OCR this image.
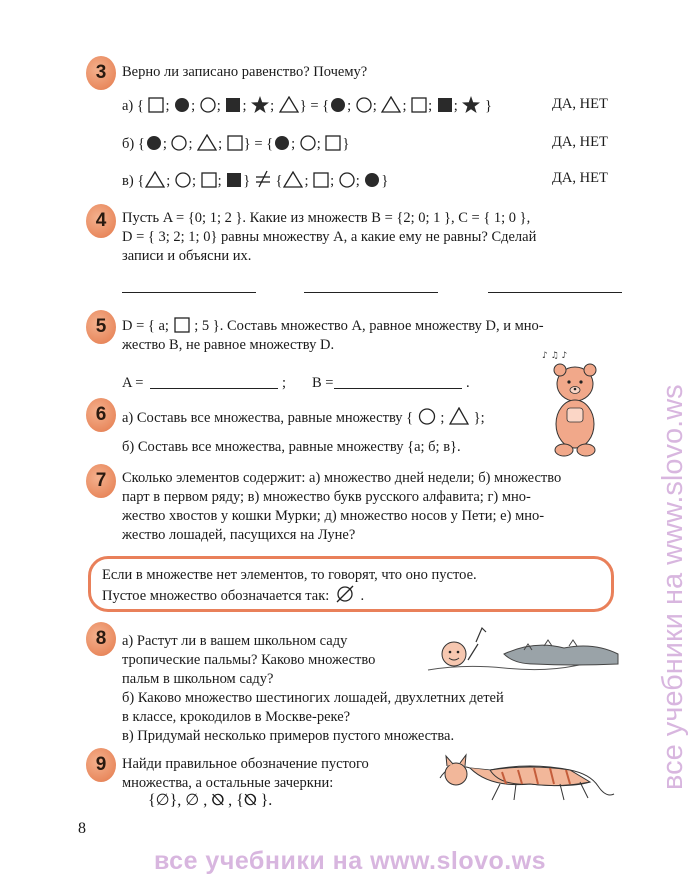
3	Верно ли записано равенство? Почему?
а) { ; ; ; ; ; } = { ; ; ; ; ;  }	ДА, НЕТ
б) { ; ; ; } = { ; ; }	ДА, НЕТ
в) { ; ; ; }  { ; ; ; }	ДА, НЕТ
4	Пусть A = {0; 1; 2 }. Какие из множеств B = {2; 0; 1 }, C = { 1; 0 },
D = { 3; 2; 1; 0} равны множеству A, а какие ему не равны? Сделай
записи и объясни их.
5	D = { а; ; 5 }. Составь множество A, равное множеству D, и мно-
жество B, не равное множеству D.
A =	; B =	.
6	а) Составь все множества, равные множеству { ; };
б) Составь все множества, равные множеству {а; б; в}.
♪ ♫ ♪
7	Сколько элементов содержит: а) множество дней недели; б) множество
парт в первом ряду; в) множество букв русского алфавита; г) мно-
жество хвостов у кошки Мурки; д) множество носов у Пети; е) мно-
жество лошадей, пасущихся на Луне?
Если в множестве нет элементов, то говорят, что оно пустое.
Пустое множество обозначается так: .
8	а) Растут ли в вашем школьном саду
тропические пальмы? Каково множество
пальм в школьном саду?
б) Каково множество шестиногих лошадей, двухлетних детей
в классе, крокодилов в Москве-реке?
в) Придумай несколько примеров пустого множества.
9	Найди правильное обозначение пустого
множества, а остальные зачеркни:
{∅}, ∅ , ⦰ , {⦰ }.
8
все учебники на www.slovo.ws
все учебники на www.slovo.ws
